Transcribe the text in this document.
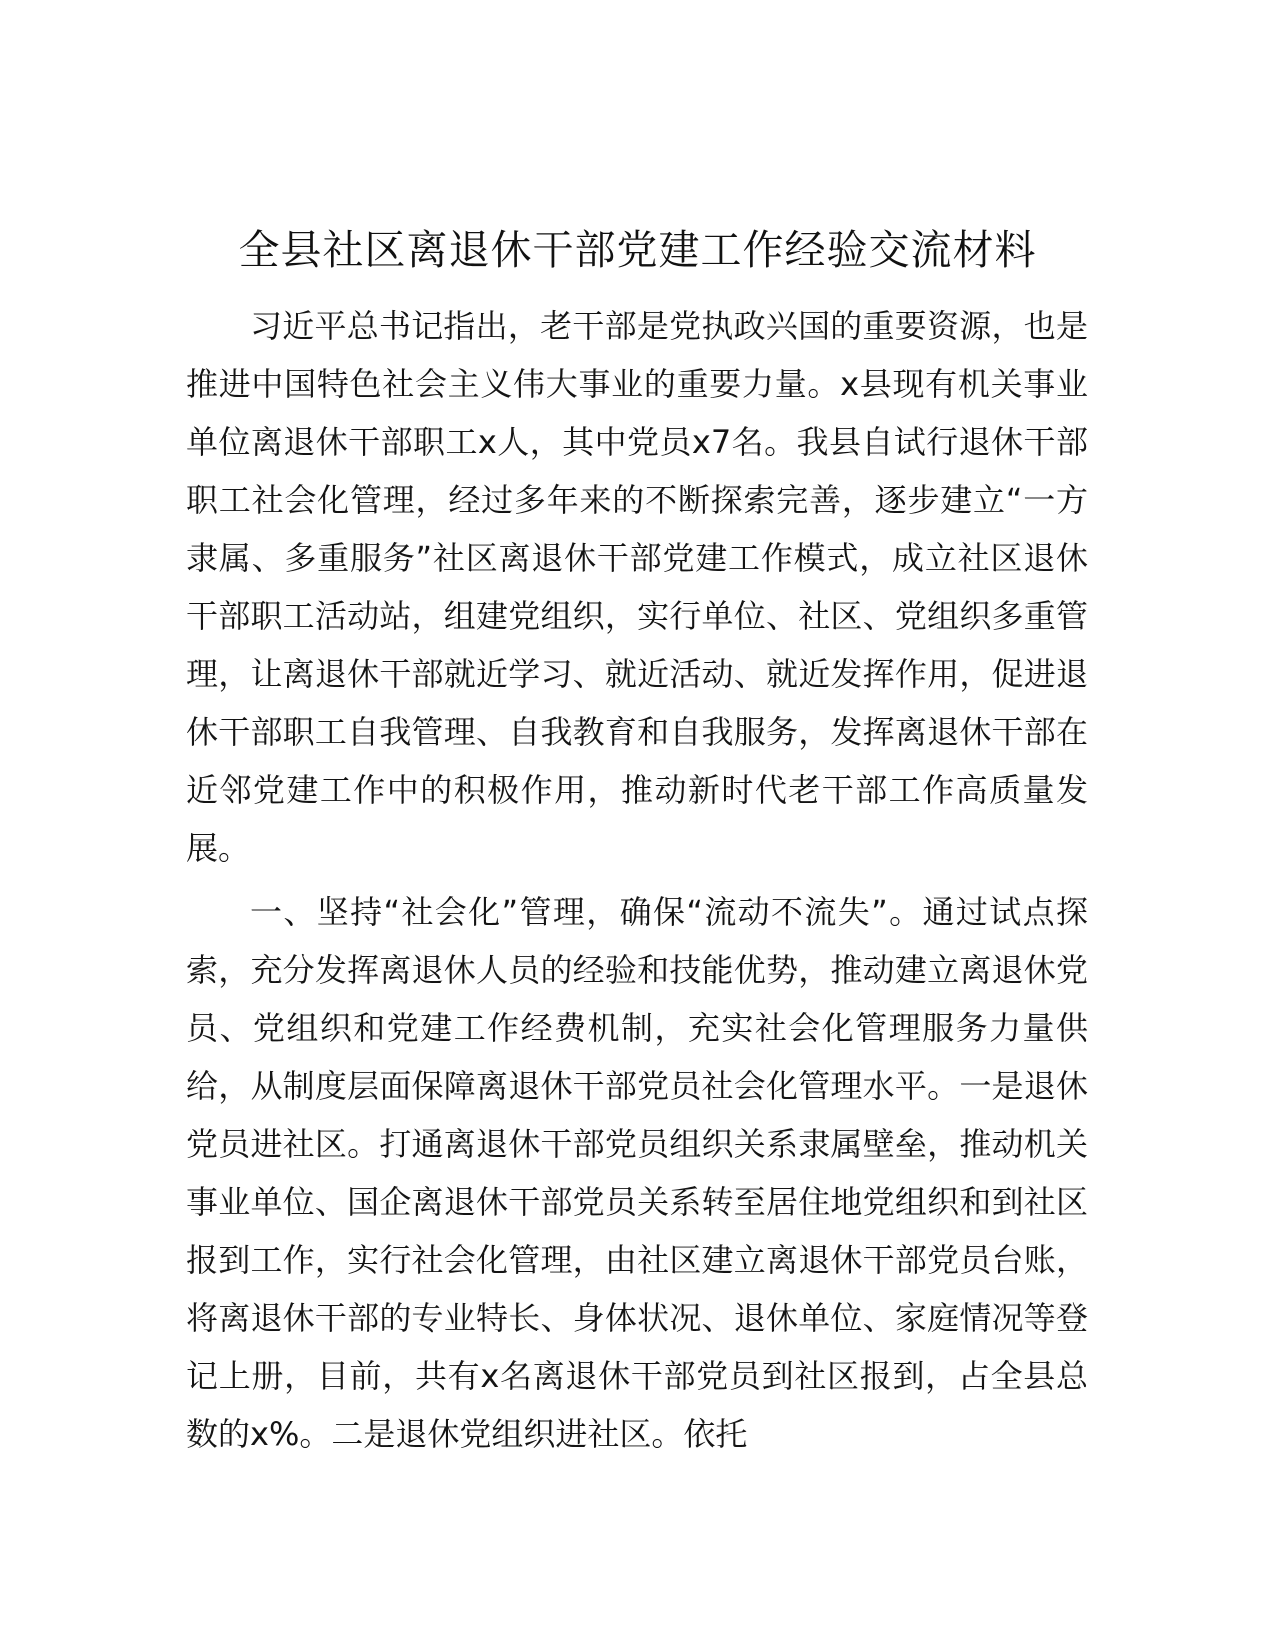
全县社区离退休干部党建工作经验交流材料

习近平总书记指出，老干部是党执政兴国的重要资源，也是推进中国特色社会主义伟大事业的重要力量。x县现有机关事业单位离退休干部职工x人，其中党员x7名。我县自试行退休干部职工社会化管理，经过多年来的不断探索完善，逐步建立“一方隶属、多重服务”社区离退休干部党建工作模式，成立社区退休干部职工活动站，组建党组织，实行单位、社区、党组织多重管理，让离退休干部就近学习、就近活动、就近发挥作用，促进退休干部职工自我管理、自我教育和自我服务，发挥离退休干部在近邻党建工作中的积极作用，推动新时代老干部工作高质量发展。

一、坚持“社会化”管理，确保“流动不流失”。通过试点探索，充分发挥离退休人员的经验和技能优势，推动建立离退休党员、党组织和党建工作经费机制，充实社会化管理服务力量供给，从制度层面保障离退休干部党员社会化管理水平。一是退休党员进社区。打通离退休干部党员组织关系隶属壁垒，推动机关事业单位、国企离退休干部党员关系转至居住地党组织和到社区报到工作，实行社会化管理，由社区建立离退休干部党员台账，将离退休干部的专业特长、身体状况、退休单位、家庭情况等登记上册，目前，共有x名离退休干部党员到社区报到，占全县总数的x%。二是退休党组织进社区。依托
